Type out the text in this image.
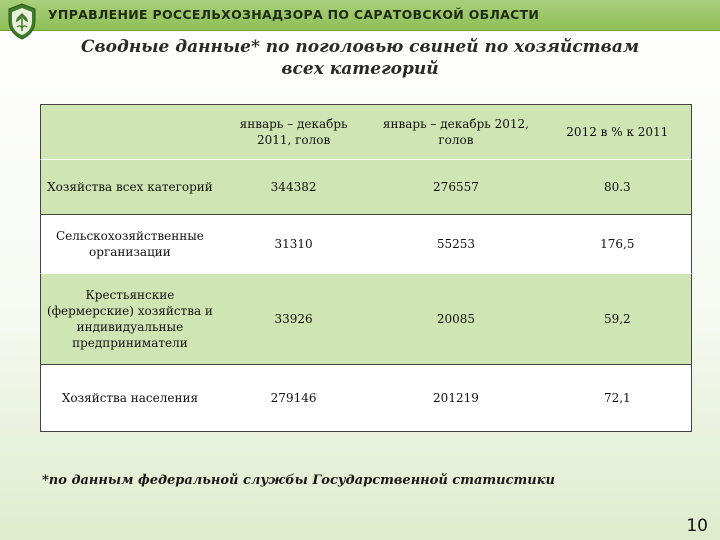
УПРАВЛЕНИЕ РОССЕЛЬХОЗНАДЗОРА ПО САРАТОВСКОЙ ОБЛАСТИ
Сводные данные* по поголовью свиней по хозяйствам всех категорий
	январь – декабрь 2011, голов	январь – декабрь 2012, голов	2012 в % к 2011
Хозяйства всех категорий	344382	276557	80.3
Сельскохозяйственные организации	31310	55253	176,5
Крестьянские (фермерские) хозяйства и индивидуальные предприниматели	33926	20085	59,2
Хозяйства населения	279146	201219	72,1
*по данным федеральной службы Государственной статистики
10
